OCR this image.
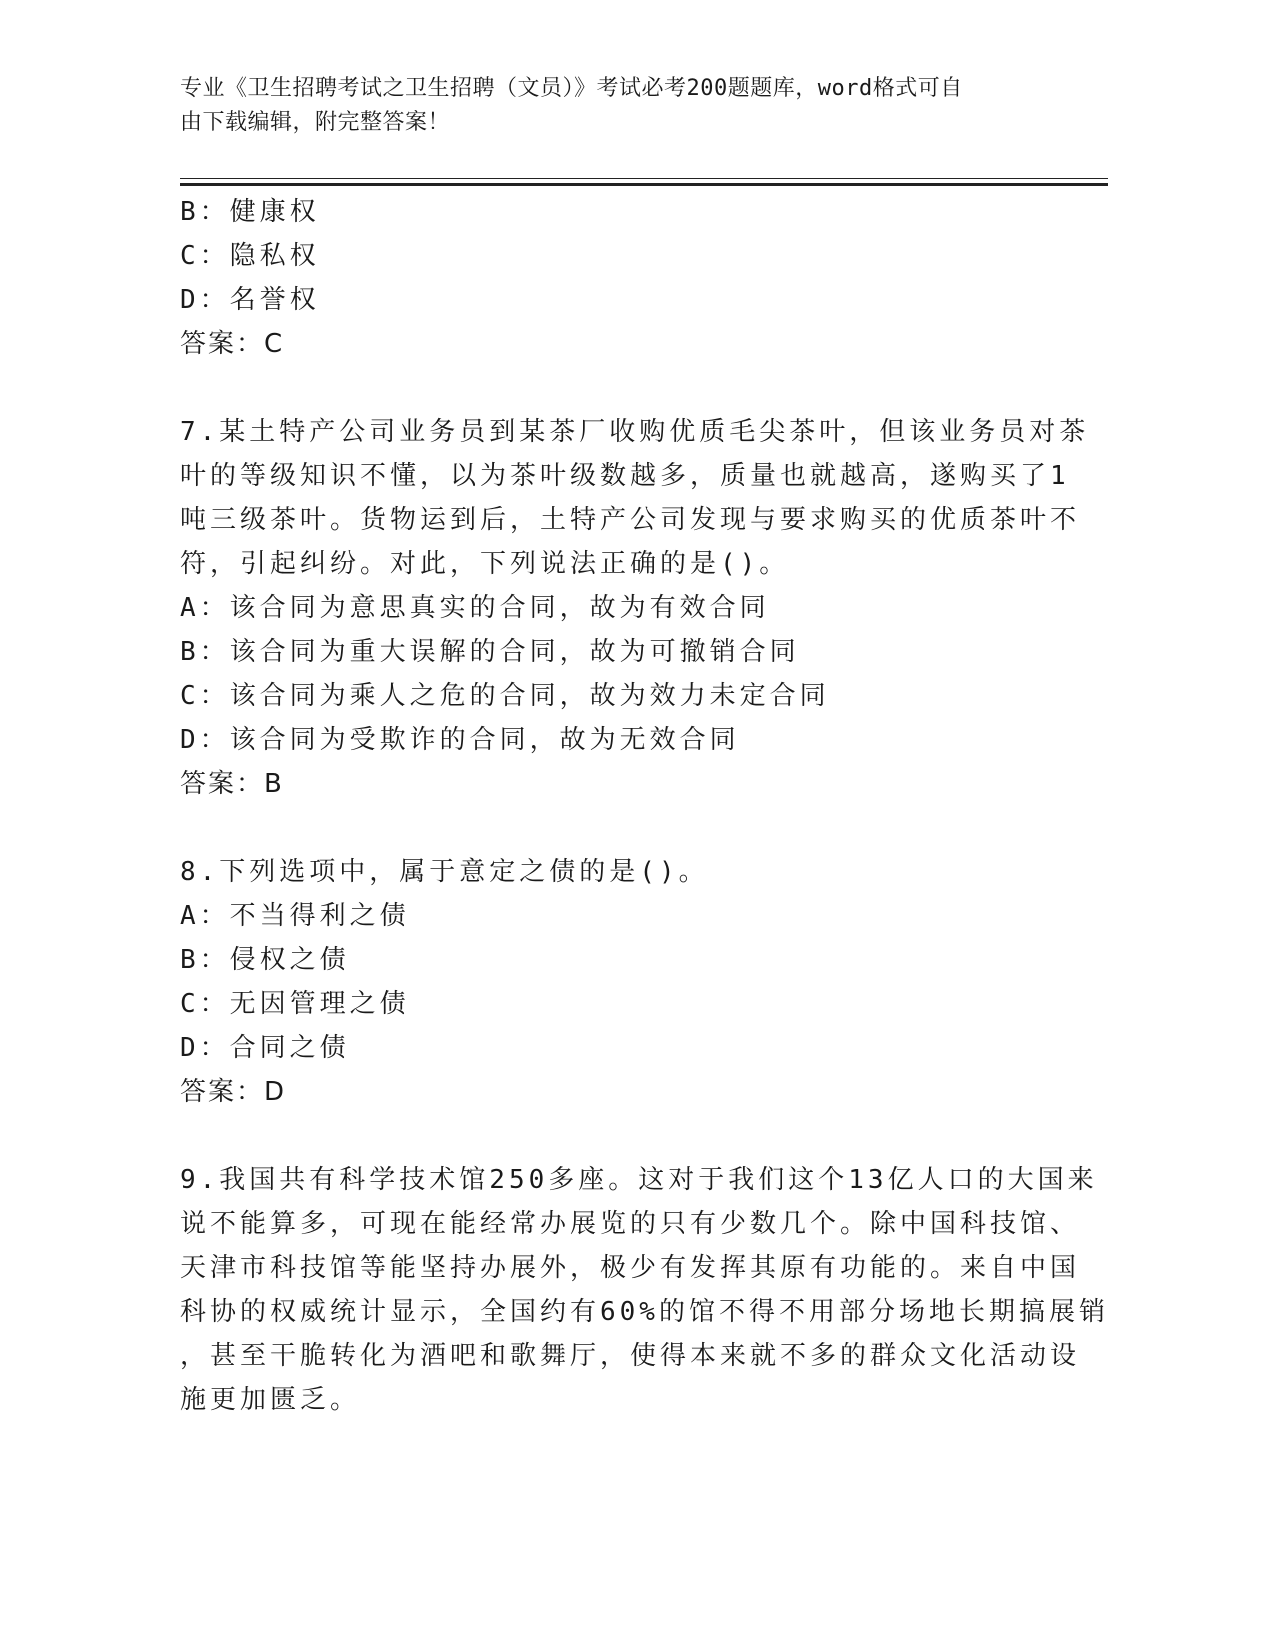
专业《卫生招聘考试之卫生招聘（文员）》考试必考200题题库，word格式可自
由下载编辑，附完整答案！

B：健康权

C：隐私权

D：名誉权

答案：C

7.某土特产公司业务员到某茶厂收购优质毛尖茶叶，但该业务员对茶

叶的等级知识不懂，以为茶叶级数越多，质量也就越高，遂购买了1

吨三级茶叶。货物运到后，土特产公司发现与要求购买的优质茶叶不

符，引起纠纷。对此，下列说法正确的是()。

A：该合同为意思真实的合同，故为有效合同

B：该合同为重大误解的合同，故为可撤销合同

C：该合同为乘人之危的合同，故为效力未定合同

D：该合同为受欺诈的合同，故为无效合同

答案：B

8.下列选项中，属于意定之债的是()。

A：不当得利之债

B：侵权之债

C：无因管理之债

D：合同之债

答案：D

9.我国共有科学技术馆250多座。这对于我们这个13亿人口的大国来

说不能算多，可现在能经常办展览的只有少数几个。除中国科技馆、

天津市科技馆等能坚持办展外，极少有发挥其原有功能的。来自中国

科协的权威统计显示，全国约有60%的馆不得不用部分场地长期搞展销

，甚至干脆转化为酒吧和歌舞厅，使得本来就不多的群众文化活动设

施更加匮乏。
